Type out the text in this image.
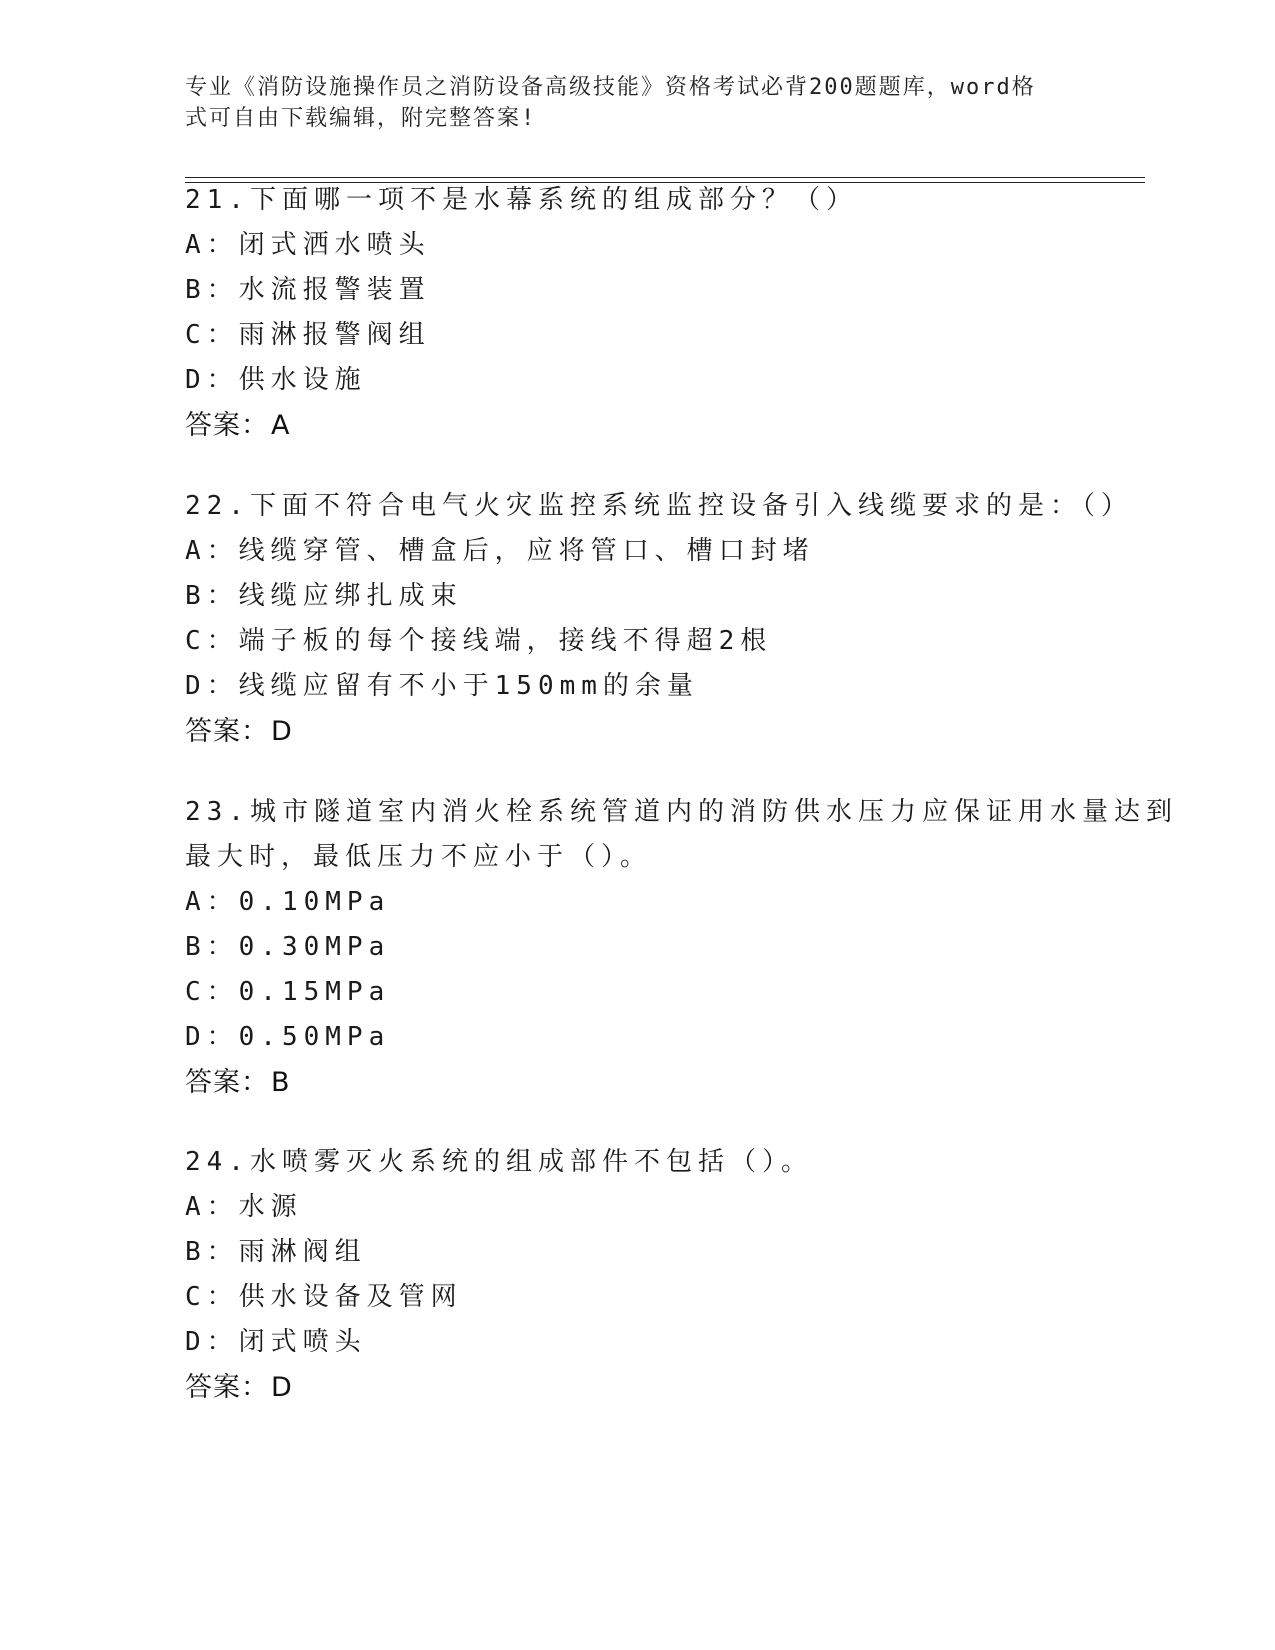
专业《消防设施操作员之消防设备高级技能》资格考试必背200题题库，word格
式可自由下载编辑，附完整答案!
21.下面哪一项不是水幕系统的组成部分？（）
A：闭式洒水喷头
B：水流报警装置
C：雨淋报警阀组
D：供水设施
答案：A
22.下面不符合电气火灾监控系统监控设备引入线缆要求的是：（）
A：线缆穿管、槽盒后，应将管口、槽口封堵
B：线缆应绑扎成束
C：端子板的每个接线端，接线不得超2根
D：线缆应留有不小于150mm的余量
答案：D
23.城市隧道室内消火栓系统管道内的消防供水压力应保证用水量达到
最大时，最低压力不应小于（）。
A：0.10MPa
B：0.30MPa
C：0.15MPa
D：0.50MPa
答案：B
24.水喷雾灭火系统的组成部件不包括（）。
A：水源
B：雨淋阀组
C：供水设备及管网
D：闭式喷头
答案：D
